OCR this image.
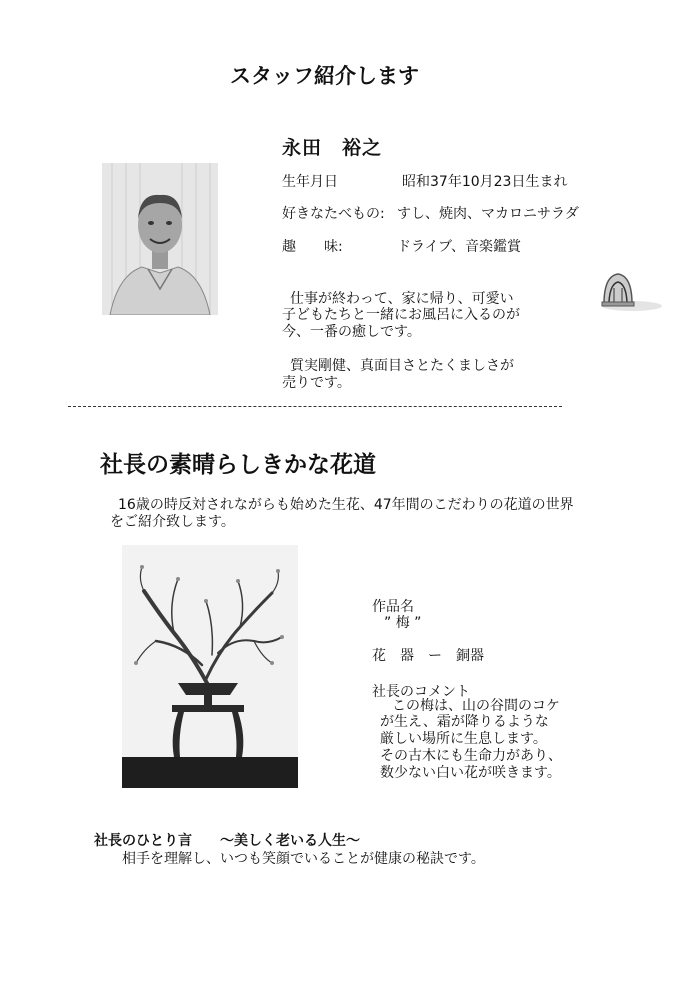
スタッフ紹介します
永田　裕之
生年月日	昭和37年10月23日生まれ
好きなたべもの: すし、焼肉、マカロニサラダ
趣　　味:	ドライブ、音楽鑑賞
仕事が終わって、家に帰り、可愛い
子どもたちと一緒にお風呂に入るのが
今、一番の癒しです。
質実剛健、真面目さとたくましさが
売りです。
社長の素晴らしきかな花道
16歳の時反対されながらも始めた生花、47年間のこだわりの花道の世界
をご紹介致します。
作品名
” 梅 ”
花　器　ー　銅器
社長のコメント
この梅は、山の谷間のコケ
が生え、霜が降りるような
厳しい場所に生息します。
その古木にも生命力があり、
数少ない白い花が咲きます。
社長のひとり言　　～美しく老いる人生～
相手を理解し、いつも笑顔でいることが健康の秘訣です。
